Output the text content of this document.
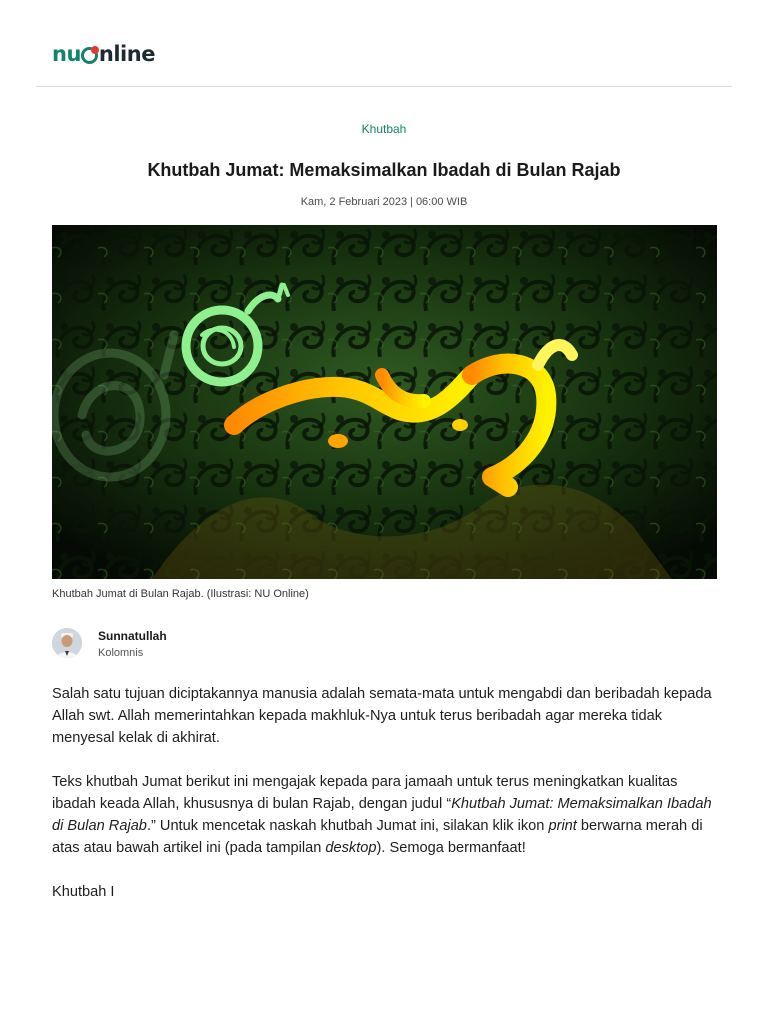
nu nline
Khutbah
Khutbah Jumat: Memaksimalkan Ibadah di Bulan Rajab
Kam, 2 Februari 2023 | 06:00 WIB
Khutbah Jumat di Bulan Rajab. (Ilustrasi: NU Online)
Sunnatullah
Kolomnis

Salah satu tujuan diciptakannya manusia adalah semata-mata untuk mengabdi dan beribadah kepada Allah swt. Allah memerintahkan kepada makhluk-Nya untuk terus beribadah agar mereka tidak menyesal kelak di akhirat.

Teks khutbah Jumat berikut ini mengajak kepada para jamaah untuk terus meningkatkan kualitas ibadah keada Allah, khususnya di bulan Rajab, dengan judul “Khutbah Jumat: Memaksimalkan Ibadah di Bulan Rajab.” Untuk mencetak naskah khutbah Jumat ini, silakan klik ikon print berwarna merah di atas atau bawah artikel ini (pada tampilan desktop). Semoga bermanfaat!

Khutbah I
